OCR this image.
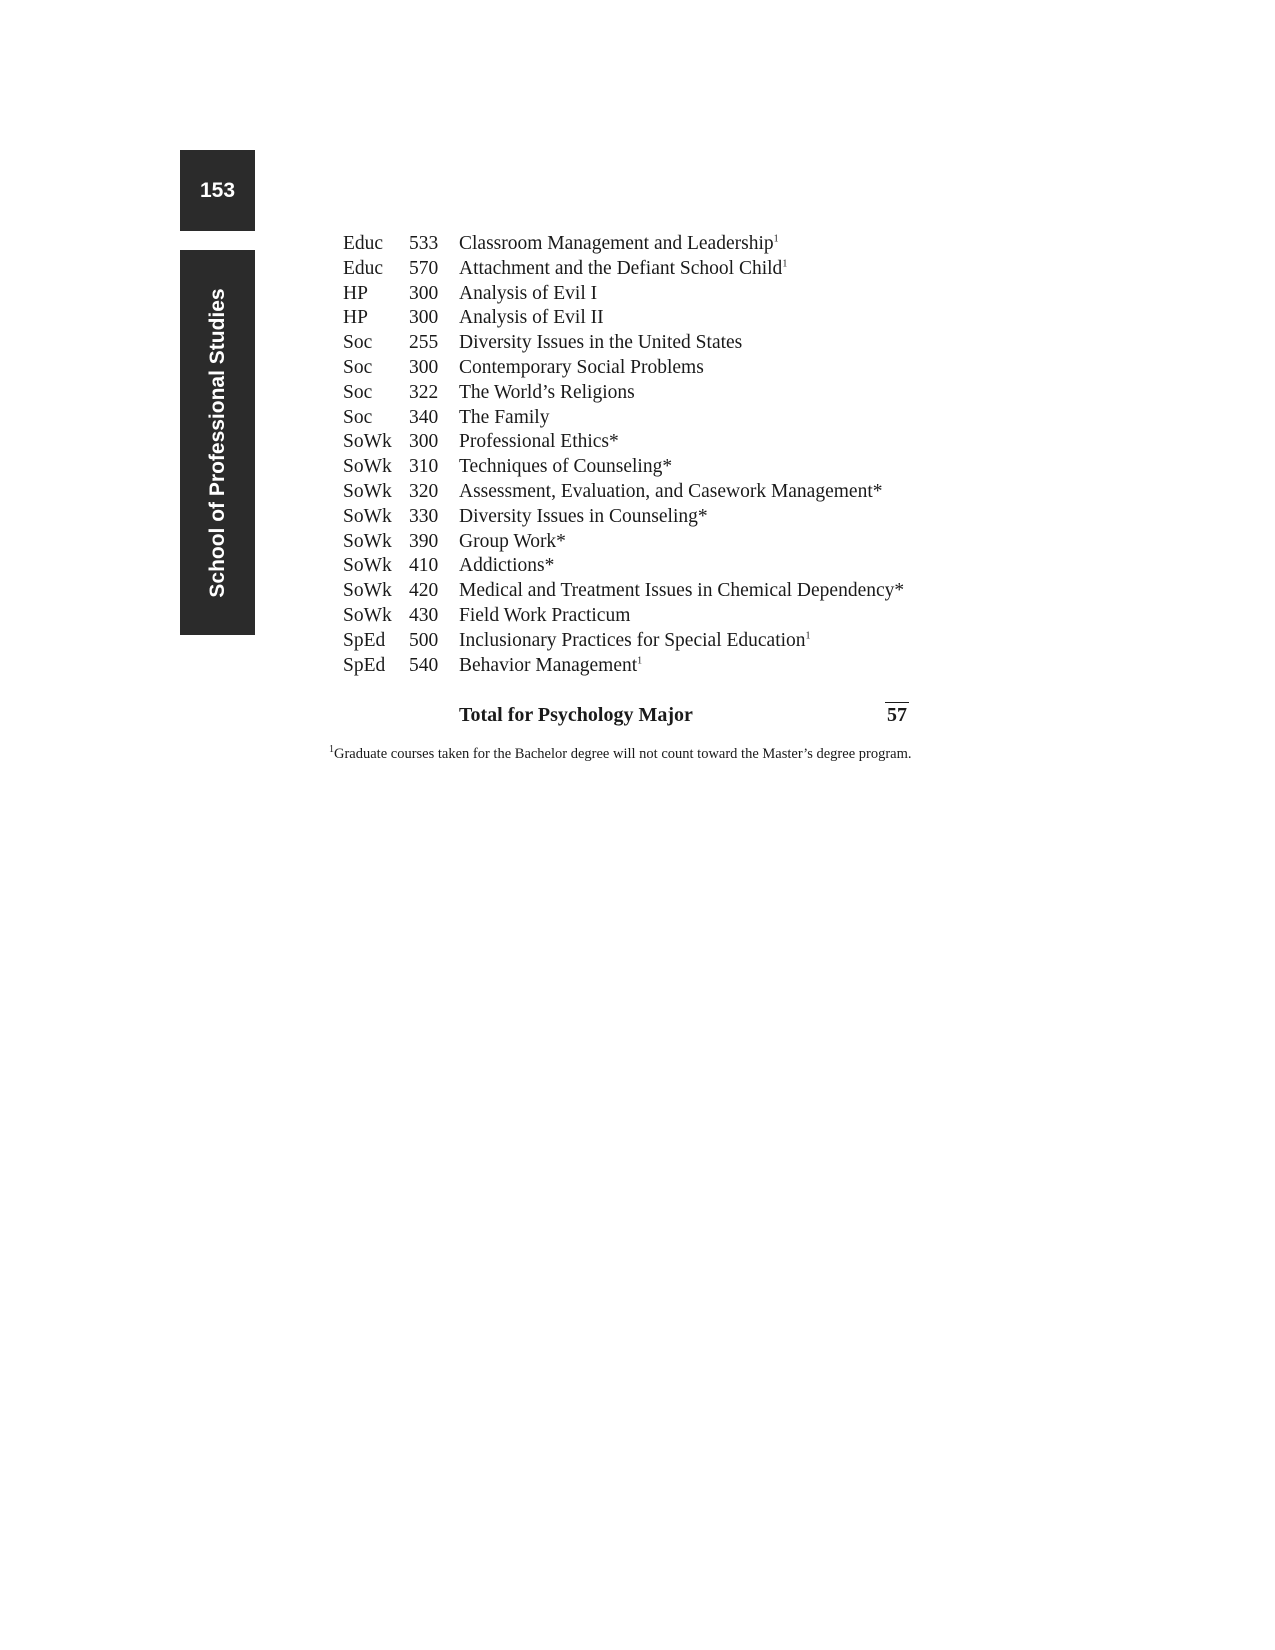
153
School of Professional Studies
Educ	533	Classroom Management and Leadership$^1$
Educ	570	Attachment and the Defiant School Child$^1$
HP	300	Analysis of Evil I
HP	300	Analysis of Evil II
Soc	255	Diversity Issues in the United States
Soc	300	Contemporary Social Problems
Soc	322	The World’s Religions
Soc	340	The Family
SoWk	300	Professional Ethics*
SoWk	310	Techniques of Counseling*
SoWk	320	Assessment, Evaluation, and Casework Management*
SoWk	330	Diversity Issues in Counseling*
SoWk	390	Group Work*
SoWk	410	Addictions*
SoWk	420	Medical and Treatment Issues in Chemical Dependency*
SoWk	430	Field Work Practicum
SpEd	500	Inclusionary Practices for Special Education$^1$
SpEd	540	Behavior Management$^1$
Total for Psychology Major	57
$^1$Graduate courses taken for the Bachelor degree will not count toward the Master’s degree program.
